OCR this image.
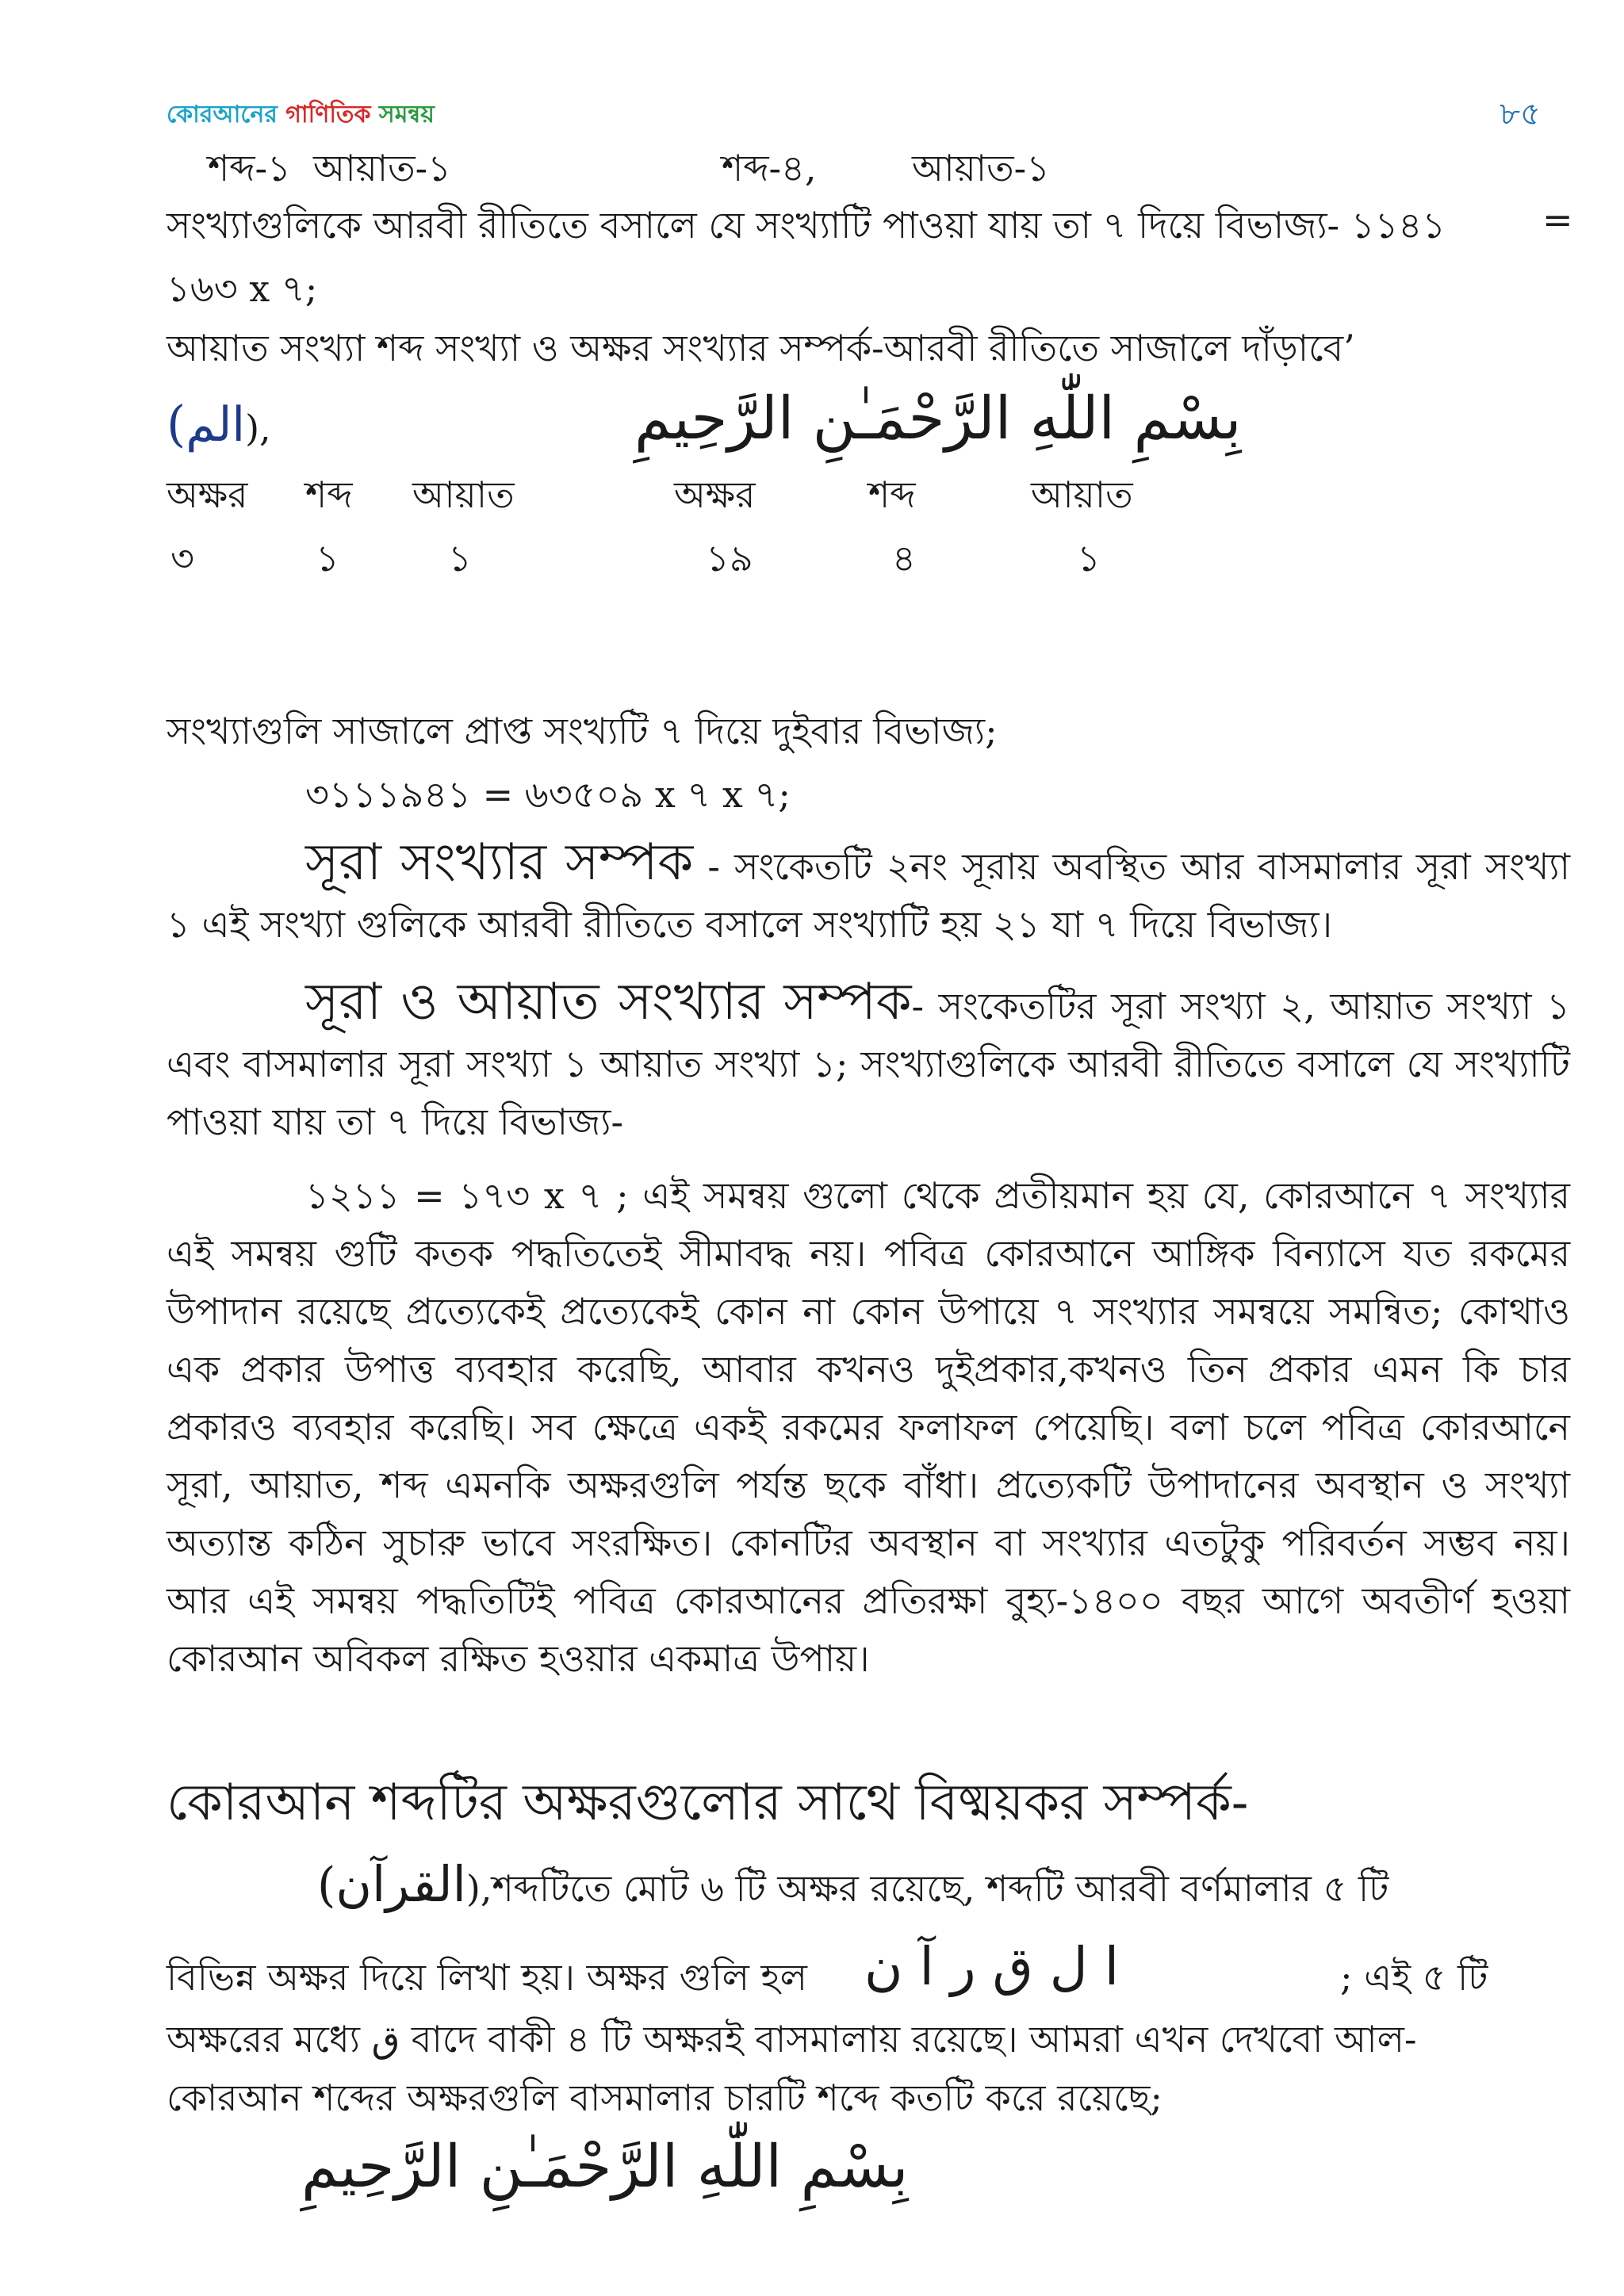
কোরআনের গাণিতিক সমন্বয়	৮৫
শব্দ-১ আয়াত-১	শব্দ-৪,	আয়াত-১
সংখ্যাগুলিকে আরবী রীতিতে বসালে যে সংখ্যাটি পাওয়া যায় তা ৭ দিয়ে বিভাজ্য- ১১৪১	=
১৬৩ x ৭;
আয়াত সংখ্যা শব্দ সংখ্যা ও অক্ষর সংখ্যার সম্পর্ক-আরবী রীতিতে সাজালে দাঁড়াবে’
(الم),	بِسْمِ اللّٰهِ الرَّحْمَـٰنِ الرَّحِيمِ
অক্ষর শব্দ আয়াত	অক্ষর	শব্দ	আয়াত
৩	১	১	১৯	৪	১
সংখ্যাগুলি সাজালে প্রাপ্ত সংখ্যটি ৭ দিয়ে দুইবার বিভাজ্য;
৩১১১৯৪১ = ৬৩৫০৯ x ৭ x ৭;
সূরা সংখ্যার সম্পক - সংকেতটি ২নং সূরায় অবস্থিত আর বাসমালার সূরা সংখ্যা ১ এই সংখ্যা গুলিকে আরবী রীতিতে বসালে সংখ্যাটি হয় ২১ যা ৭ দিয়ে বিভাজ্য।
সূরা ও আয়াত সংখ্যার সম্পক- সংকেতটির সূরা সংখ্যা ২, আয়াত সংখ্যা ১ এবং বাসমালার সূরা সংখ্যা ১ আয়াত সংখ্যা ১; সংখ্যাগুলিকে আরবী রীতিতে বসালে যে সংখ্যাটি পাওয়া যায় তা ৭ দিয়ে বিভাজ্য-
১২১১ = ১৭৩ x ৭ ; এই সমন্বয় গুলো থেকে প্রতীয়মান হয় যে, কোরআনে ৭ সংখ্যার এই সমন্বয় গুটি কতক পদ্ধতিতেই সীমাবদ্ধ নয়। পবিত্র কোরআনে আঙ্গিক বিন্যাসে যত রকমের উপাদান রয়েছে প্রত্যেকেই প্রত্যেকেই কোন না কোন উপায়ে ৭ সংখ্যার সমন্বয়ে সমন্বিত; কোথাও এক প্রকার উপাত্ত ব্যবহার করেছি, আবার কখনও দুইপ্রকার,কখনও তিন প্রকার এমন কি চার প্রকারও ব্যবহার করেছি। সব ক্ষেত্রে একই রকমের ফলাফল পেয়েছি। বলা চলে পবিত্র কোরআনে সূরা, আয়াত, শব্দ এমনকি অক্ষরগুলি পর্যন্ত ছকে বাঁধা। প্রত্যেকটি উপাদানের অবস্থান ও সংখ্যা অত্যান্ত কঠিন সুচারু ভাবে সংরক্ষিত। কোনটির অবস্থান বা সংখ্যার এতটুকু পরিবর্তন সম্ভব নয়। আর এই সমন্বয় পদ্ধতিটিই পবিত্র কোরআনের প্রতিরক্ষা বুহ্য-১৪০০ বছর আগে অবতীর্ণ হওয়া কোরআন অবিকল রক্ষিত হওয়ার একমাত্র উপায়।
কোরআন শব্দটির অক্ষরগুলোর সাথে বিষ্ময়কর সম্পর্ক-
(القرآن),শব্দটিতে মোট ৬ টি অক্ষর রয়েছে, শব্দটি আরবী বর্ণমালার ৫ টি
বিভিন্ন অক্ষর দিয়ে লিখা হয়। অক্ষর গুলি হল ا ل ق ر آ ن	; এই ৫ টি
অক্ষরের মধ্যে ق বাদে বাকী ৪ টি অক্ষরই বাসমালায় রয়েছে। আমরা এখন দেখবো আল-
কোরআন শব্দের অক্ষরগুলি বাসমালার চারটি শব্দে কতটি করে রয়েছে;
بِسْمِ اللّٰهِ الرَّحْمَـٰنِ الرَّحِيمِ
